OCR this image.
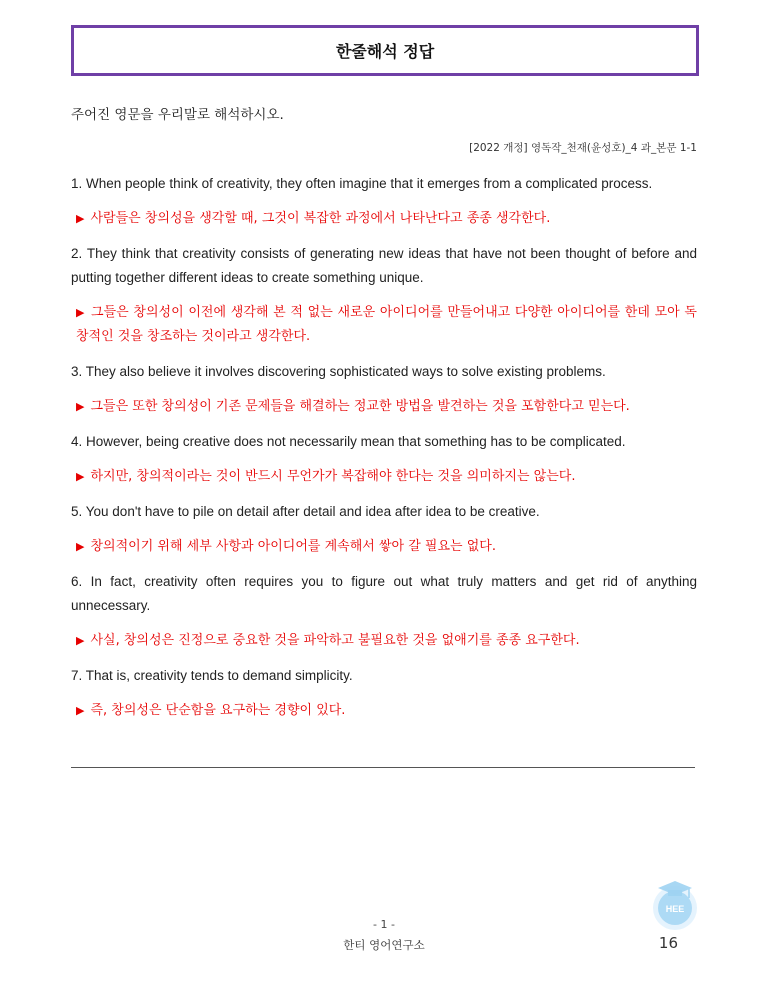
한줄해석 정답
주어진 영문을 우리말로 해석하시오.
[2022 개정] 영독작_천재(윤성호)_4 과_본문 1-1

1. When people think of creativity, they often imagine that it emerges from a complicated process.

▶ 사람들은 창의성을 생각할 때, 그것이 복잡한 과정에서 나타난다고 종종 생각한다.

2. They think that creativity consists of generating new ideas that have not been thought of before and putting together different ideas to create something unique.

▶ 그들은 창의성이 이전에 생각해 본 적 없는 새로운 아이디어를 만들어내고 다양한 아이디어를 한데 모아 독창적인 것을 창조하는 것이라고 생각한다.

3. They also believe it involves discovering sophisticated ways to solve existing problems.

▶ 그들은 또한 창의성이 기존 문제들을 해결하는 정교한 방법을 발견하는 것을 포함한다고 믿는다.

4. However, being creative does not necessarily mean that something has to be complicated.

▶ 하지만, 창의적이라는 것이 반드시 무언가가 복잡해야 한다는 것을 의미하지는 않는다.

5. You don't have to pile on detail after detail and idea after idea to be creative.

▶ 창의적이기 위해 세부 사항과 아이디어를 계속해서 쌓아 갈 필요는 없다.

6. In fact, creativity often requires you to figure out what truly matters and get rid of anything unnecessary.

▶ 사실, 창의성은 진정으로 중요한 것을 파악하고 불필요한 것을 없애기를 종종 요구한다.

7. That is, creativity tends to demand simplicity.

▶ 즉, 창의성은 단순함을 요구하는 경향이 있다.

HEE
- 1 -
한티 영어연구소	16
